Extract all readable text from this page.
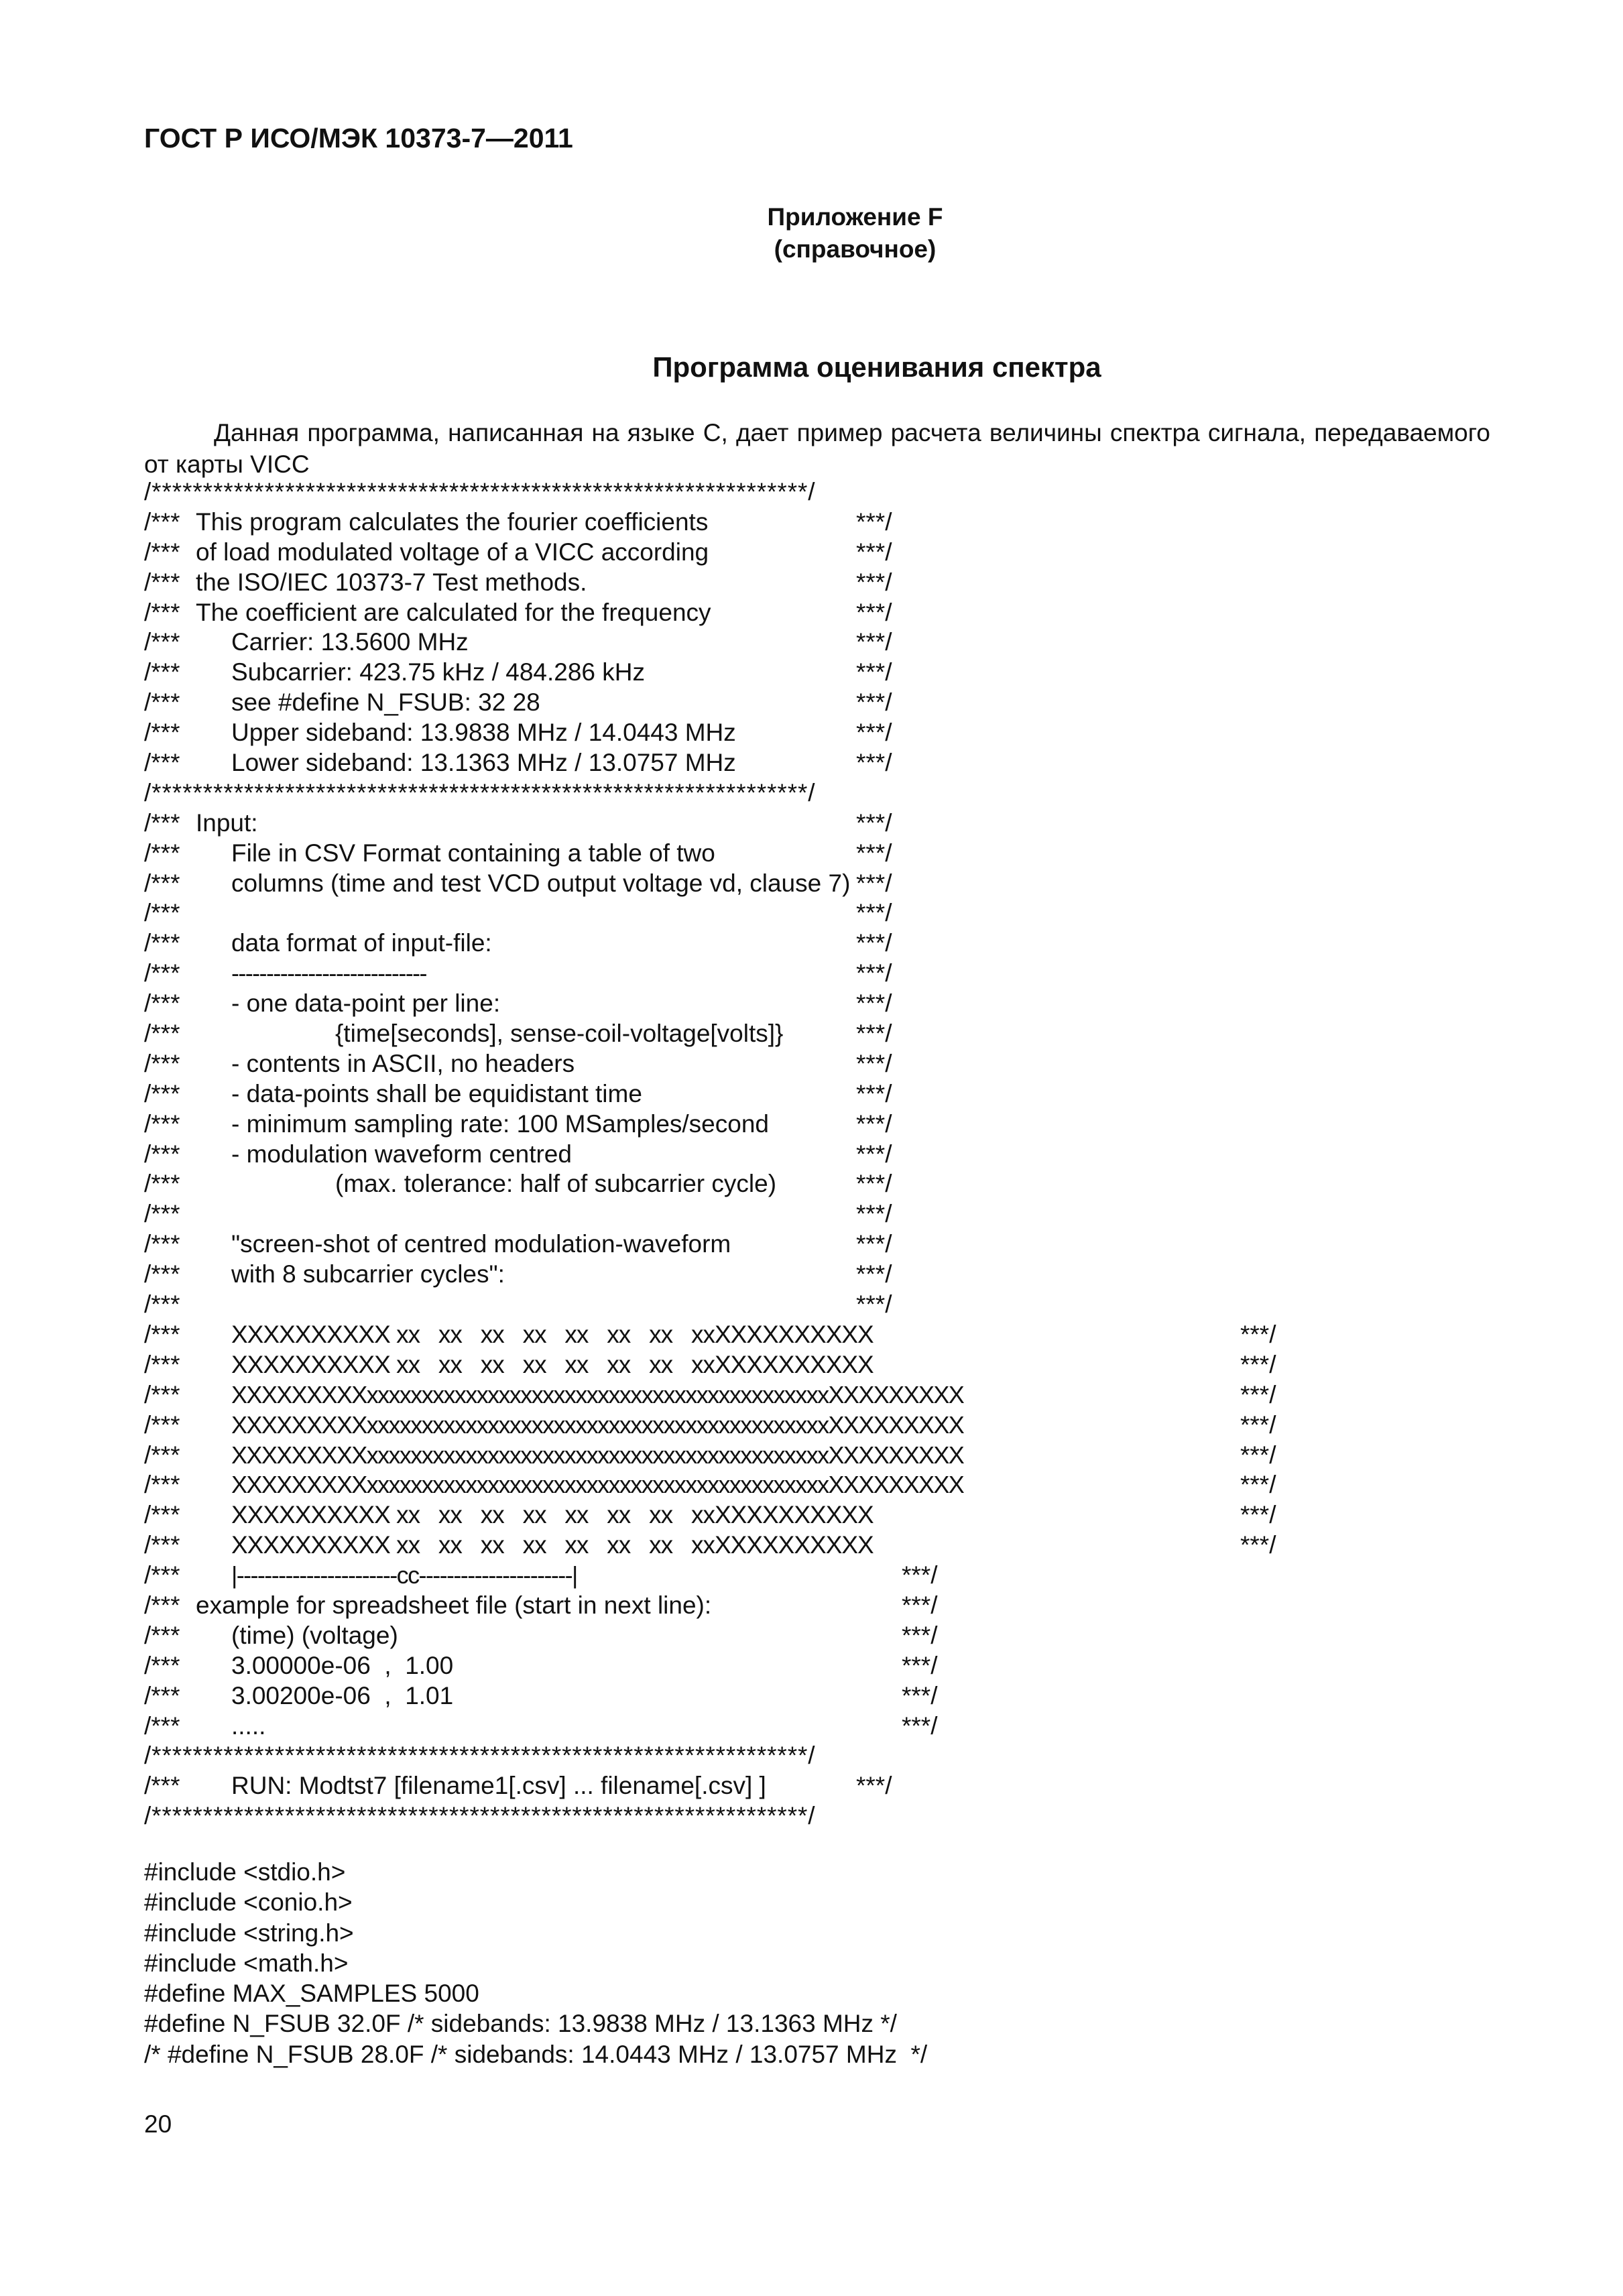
ГОСТ Р ИСО/МЭК 10373-7—2011
Приложение F
(справочное)
Программа оценивания спектра
Данная программа, написанная на языке С, дает пример расчета величины спектра сигнала, передаваемого от карты VICC
/****************************************************************/
/*** This program calculates the fourier coefficients	***/
/*** of load modulated voltage of a VICC according	***/
/*** the ISO/IEC 10373-7 Test methods.	***/
/*** The coefficient are calculated for the frequency	***/
/*** Carrier: 13.5600 MHz	***/
/*** Subcarrier: 423.75 kHz / 484.286 kHz	***/
/*** see #define N_FSUB: 32 28	***/
/*** Upper sideband: 13.9838 MHz / 14.0443 MHz	***/
/*** Lower sideband: 13.1363 MHz / 13.0757 MHz	***/
/****************************************************************/
/*** Input:	***/
/*** File in CSV Format containing a table of two	***/
/*** columns (time and test VCD output voltage vd, clause 7) ***/
/***	***/
/*** data format of input-file:	***/
/*** ----------------------------	***/
/*** - one data-point per line:	***/
/***	{time[seconds], sense-coil-voltage[volts]}	***/
/*** - contents in ASCII, no headers	***/
/*** - data-points shall be equidistant time	***/
/*** - minimum sampling rate: 100 MSamples/second	***/
/*** - modulation waveform centred	***/
/***	(max. tolerance: half of subcarrier cycle)	***/
/***	***/
/*** "screen-shot of centred modulation-waveform	***/
/*** with 8 subcarrier cycles":	***/
/***	***/
/*** XXXXXXXXXX xx   xx   xx   xx   xx   xx   xx   xxXXXXXXXXXX	***/
/*** XXXXXXXXXX xx   xx   xx   xx   xx   xx   xx   xxXXXXXXXXXX	***/
/*** XXXXXXXXXxxxxxxxxxxxxxxxxxxxxxxxxxxxxxxxxxxxxxxxxxxXXXXXXXXX	***/
/*** XXXXXXXXXxxxxxxxxxxxxxxxxxxxxxxxxxxxxxxxxxxxxxxxxxxXXXXXXXXX	***/
/*** XXXXXXXXXxxxxxxxxxxxxxxxxxxxxxxxxxxxxxxxxxxxxxxxxxxXXXXXXXXX	***/
/*** XXXXXXXXXxxxxxxxxxxxxxxxxxxxxxxxxxxxxxxxxxxxxxxxxxxXXXXXXXXX	***/
/*** XXXXXXXXXX xx   xx   xx   xx   xx   xx   xx   xxXXXXXXXXXX	***/
/*** XXXXXXXXXX xx   xx   xx   xx   xx   xx   xx   xxXXXXXXXXXX	***/
/*** |-----------------------cc----------------------|	***/
/*** example for spreadsheet file (start in next line):	***/
/*** (time) (voltage)	***/
/*** 3.00000e-06  ,  1.00	***/
/*** 3.00200e-06  ,  1.01	***/
/*** .....	***/
/****************************************************************/
/*** RUN: Modtst7 [filename1[.csv] ... filename[.csv] ]	***/
/****************************************************************/
#include <stdio.h>
#include <conio.h>
#include <string.h>
#include <math.h>
#define MAX_SAMPLES 5000
#define N_FSUB 32.0F /* sidebands: 13.9838 MHz / 13.1363 MHz */
/* #define N_FSUB 28.0F /* sidebands: 14.0443 MHz / 13.0757 MHz  */
20
